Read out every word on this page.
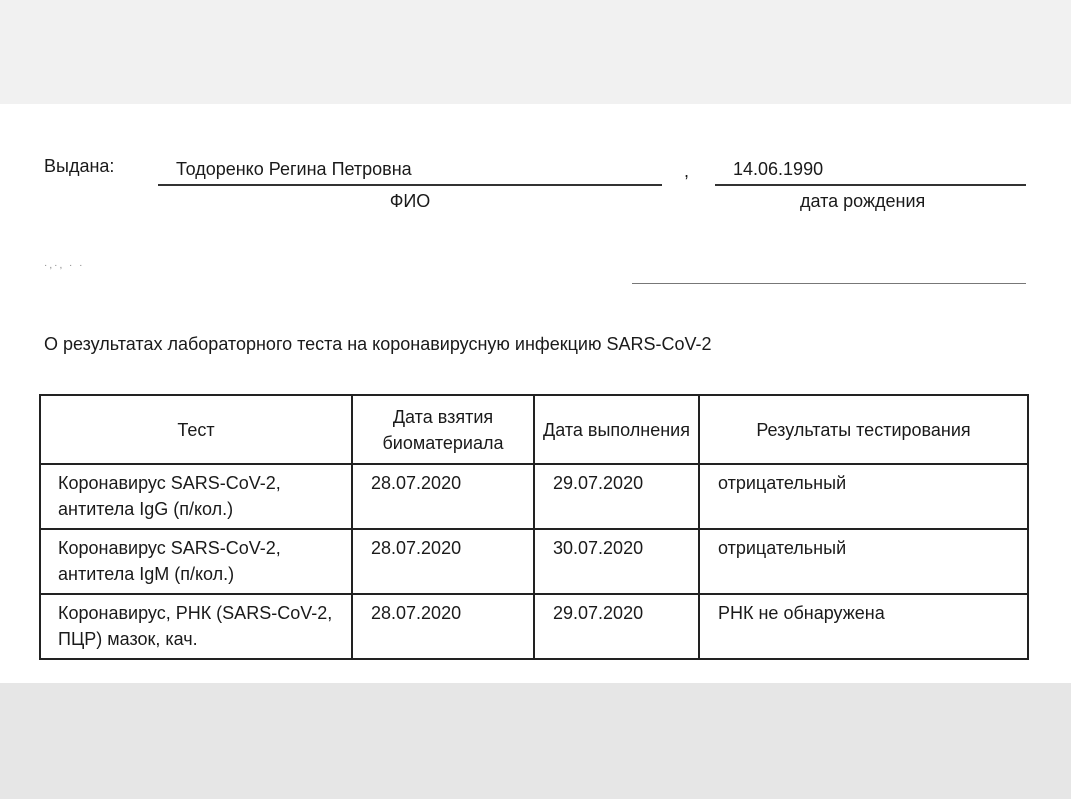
Выдана:	Тодоренко Регина Петровна
ФИО
, 14.06.1990
дата рождения
·,·, · ·
О результатах лабораторного теста на коронавирусную инфекцию SARS-CoV-2
Тест	Дата взятия биоматериала	Дата выполнения	Результаты тестирования
Коронавирус SARS-CoV-2, антитела IgG (п/кол.)	28.07.2020	29.07.2020	отрицательный
Коронавирус SARS-CoV-2, антитела IgM (п/кол.)	28.07.2020	30.07.2020	отрицательный
Коронавирус, РНК (SARS-CoV-2, ПЦР) мазок, кач.	28.07.2020	29.07.2020	РНК не обнаружена
